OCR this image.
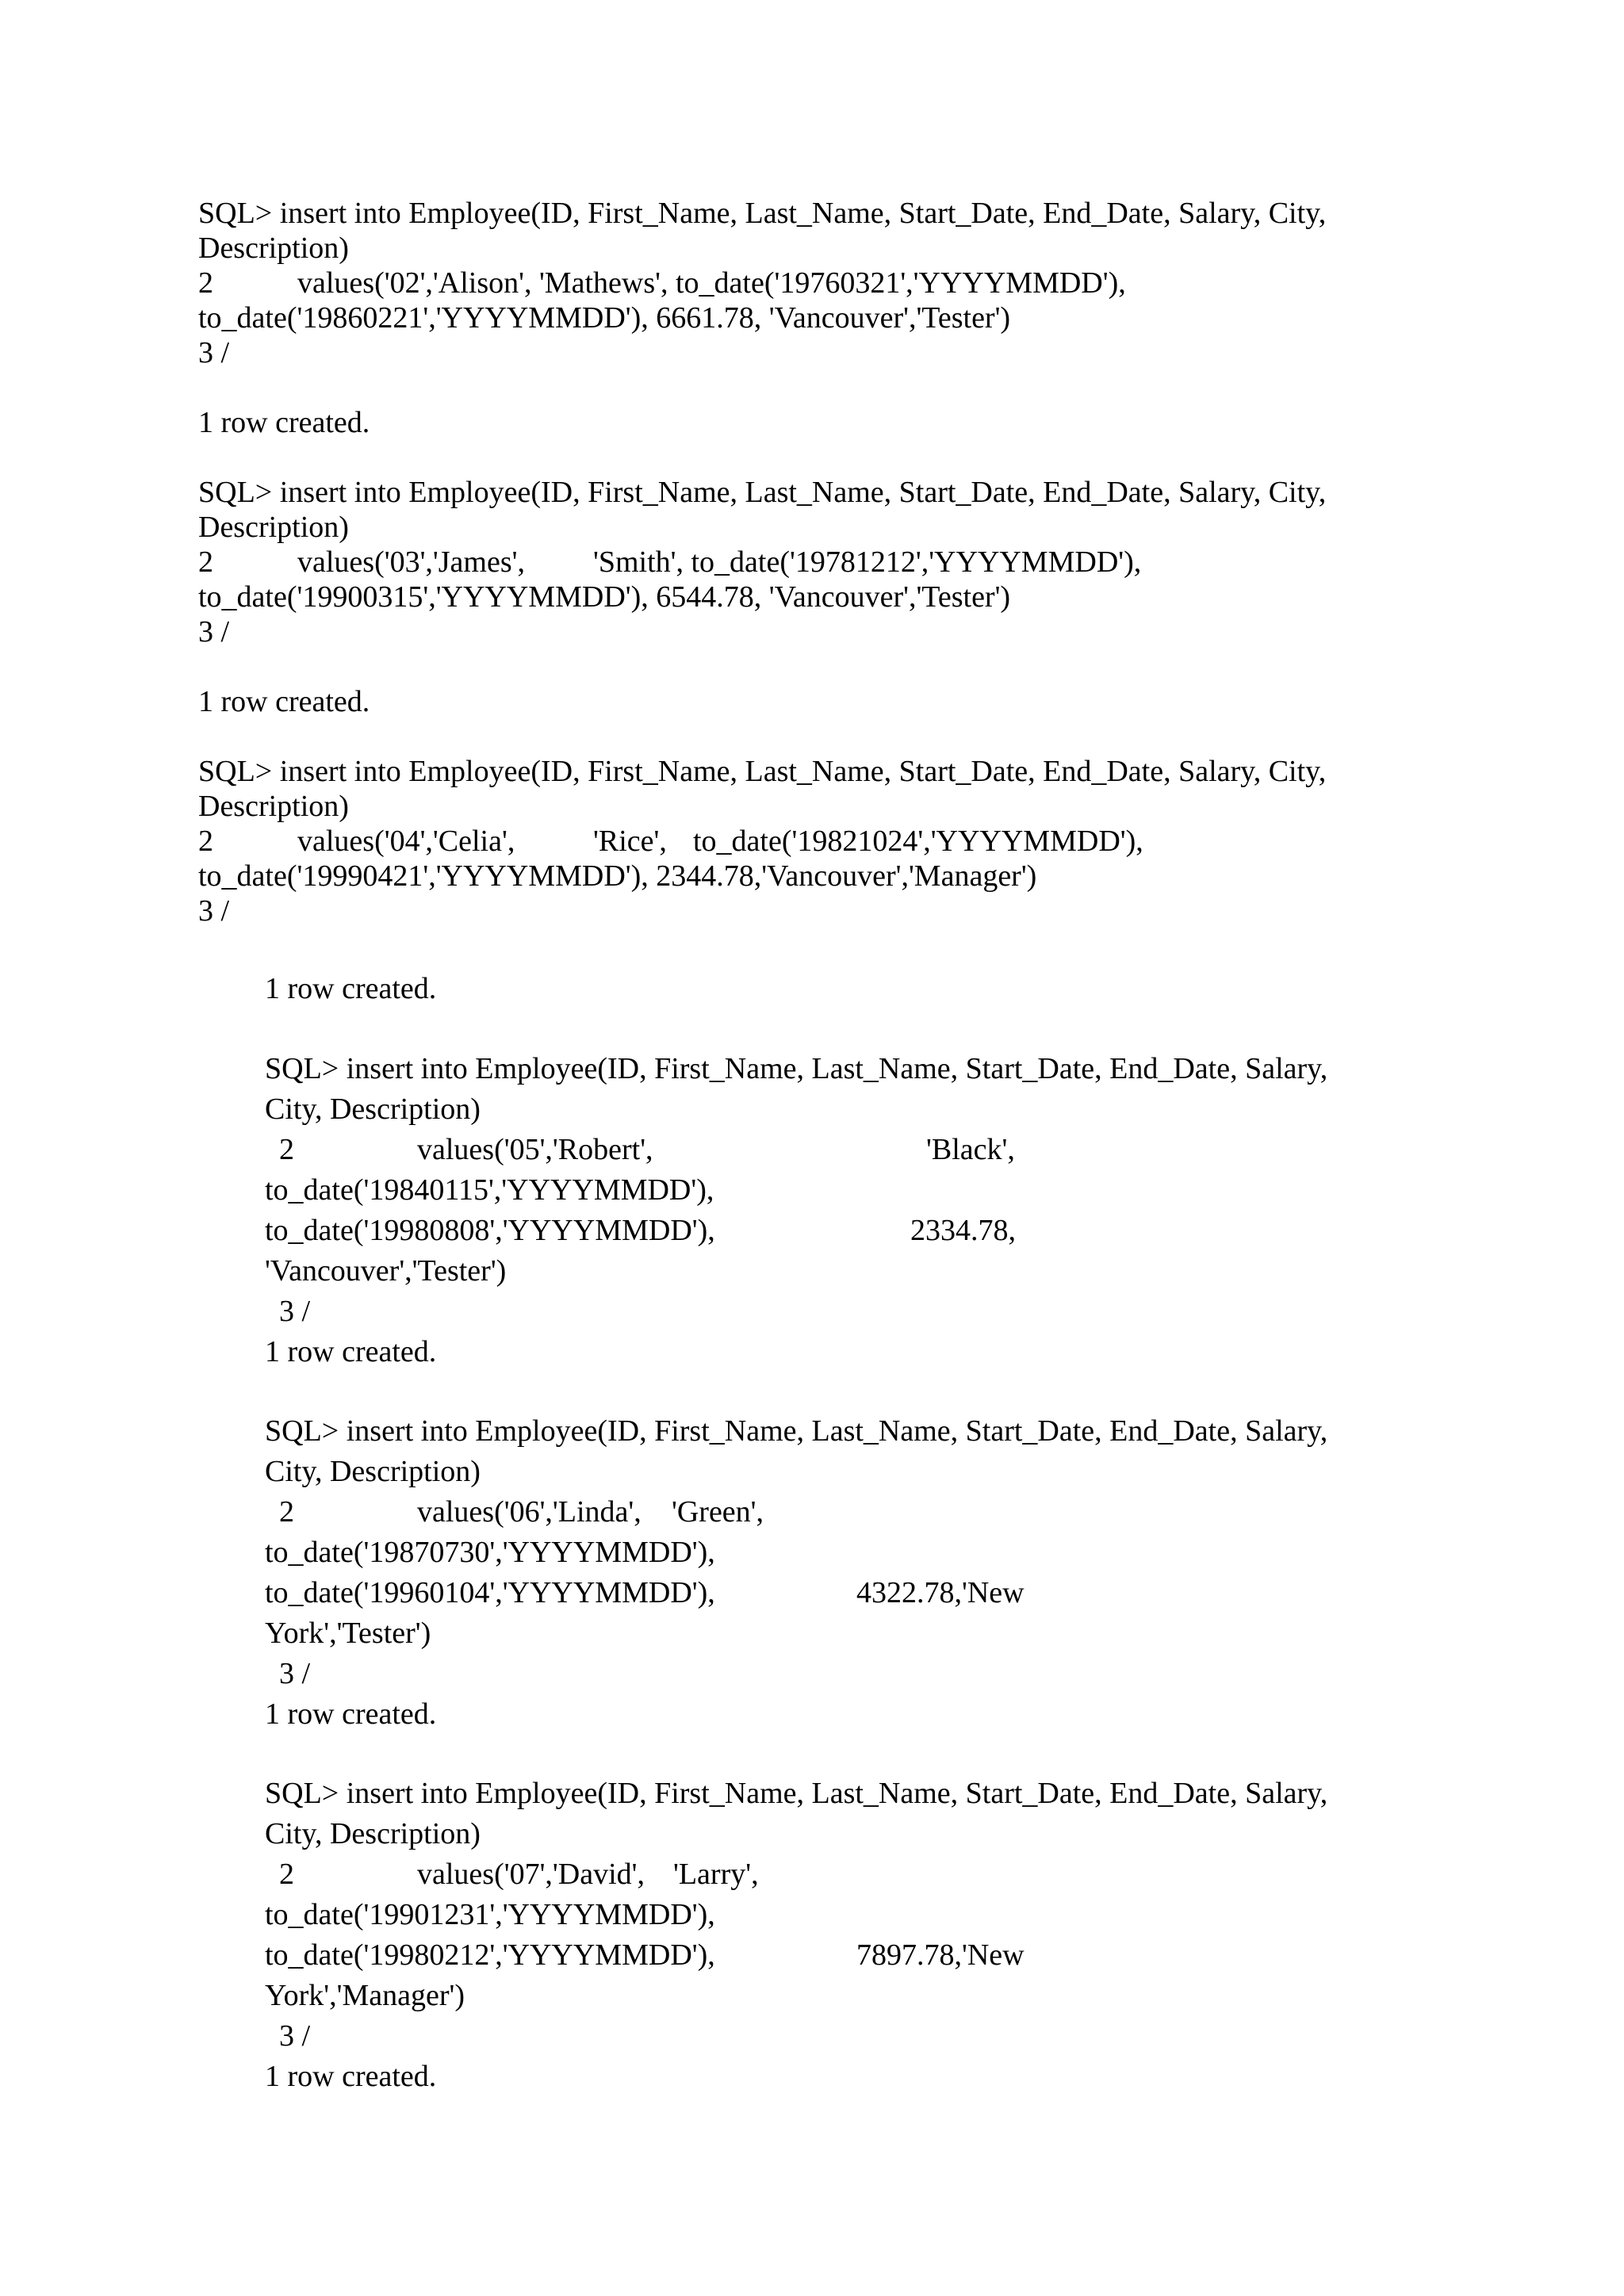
SQL> insert into Employee(ID, First_Name, Last_Name, Start_Date, End_Date, Salary, City,
Description)
2	values('02','Alison', 'Mathews', to_date('19760321','YYYYMMDD'),
to_date('19860221','YYYYMMDD'), 6661.78, 'Vancouver','Tester')
3 /
1 row created.
SQL> insert into Employee(ID, First_Name, Last_Name, Start_Date, End_Date, Salary, City,
Description)
2	values('03','James', 'Smith', to_date('19781212','YYYYMMDD'),
to_date('19900315','YYYYMMDD'), 6544.78, 'Vancouver','Tester')
3 /
1 row created.
SQL> insert into Employee(ID, First_Name, Last_Name, Start_Date, End_Date, Salary, City,
Description)
2	values('04','Celia',	'Rice', to_date('19821024','YYYYMMDD'),
to_date('19990421','YYYYMMDD'), 2344.78,'Vancouver','Manager')
3 /
1 row created.
SQL> insert into Employee(ID, First_Name, Last_Name, Start_Date, End_Date, Salary,
City, Description)
2	values('05','Robert',	'Black',
to_date('19840115','YYYYMMDD'),
to_date('19980808','YYYYMMDD'),	2334.78,
'Vancouver','Tester')
3 /
1 row created.
SQL> insert into Employee(ID, First_Name, Last_Name, Start_Date, End_Date, Salary,
City, Description)
2	values('06','Linda', 'Green',
to_date('19870730','YYYYMMDD'),
to_date('19960104','YYYYMMDD'),	4322.78,'New
York','Tester')
3 /
1 row created.
SQL> insert into Employee(ID, First_Name, Last_Name, Start_Date, End_Date, Salary,
City, Description)
2	values('07','David', 'Larry',
to_date('19901231','YYYYMMDD'),
to_date('19980212','YYYYMMDD'),	7897.78,'New
York','Manager')
3 /
1 row created.
